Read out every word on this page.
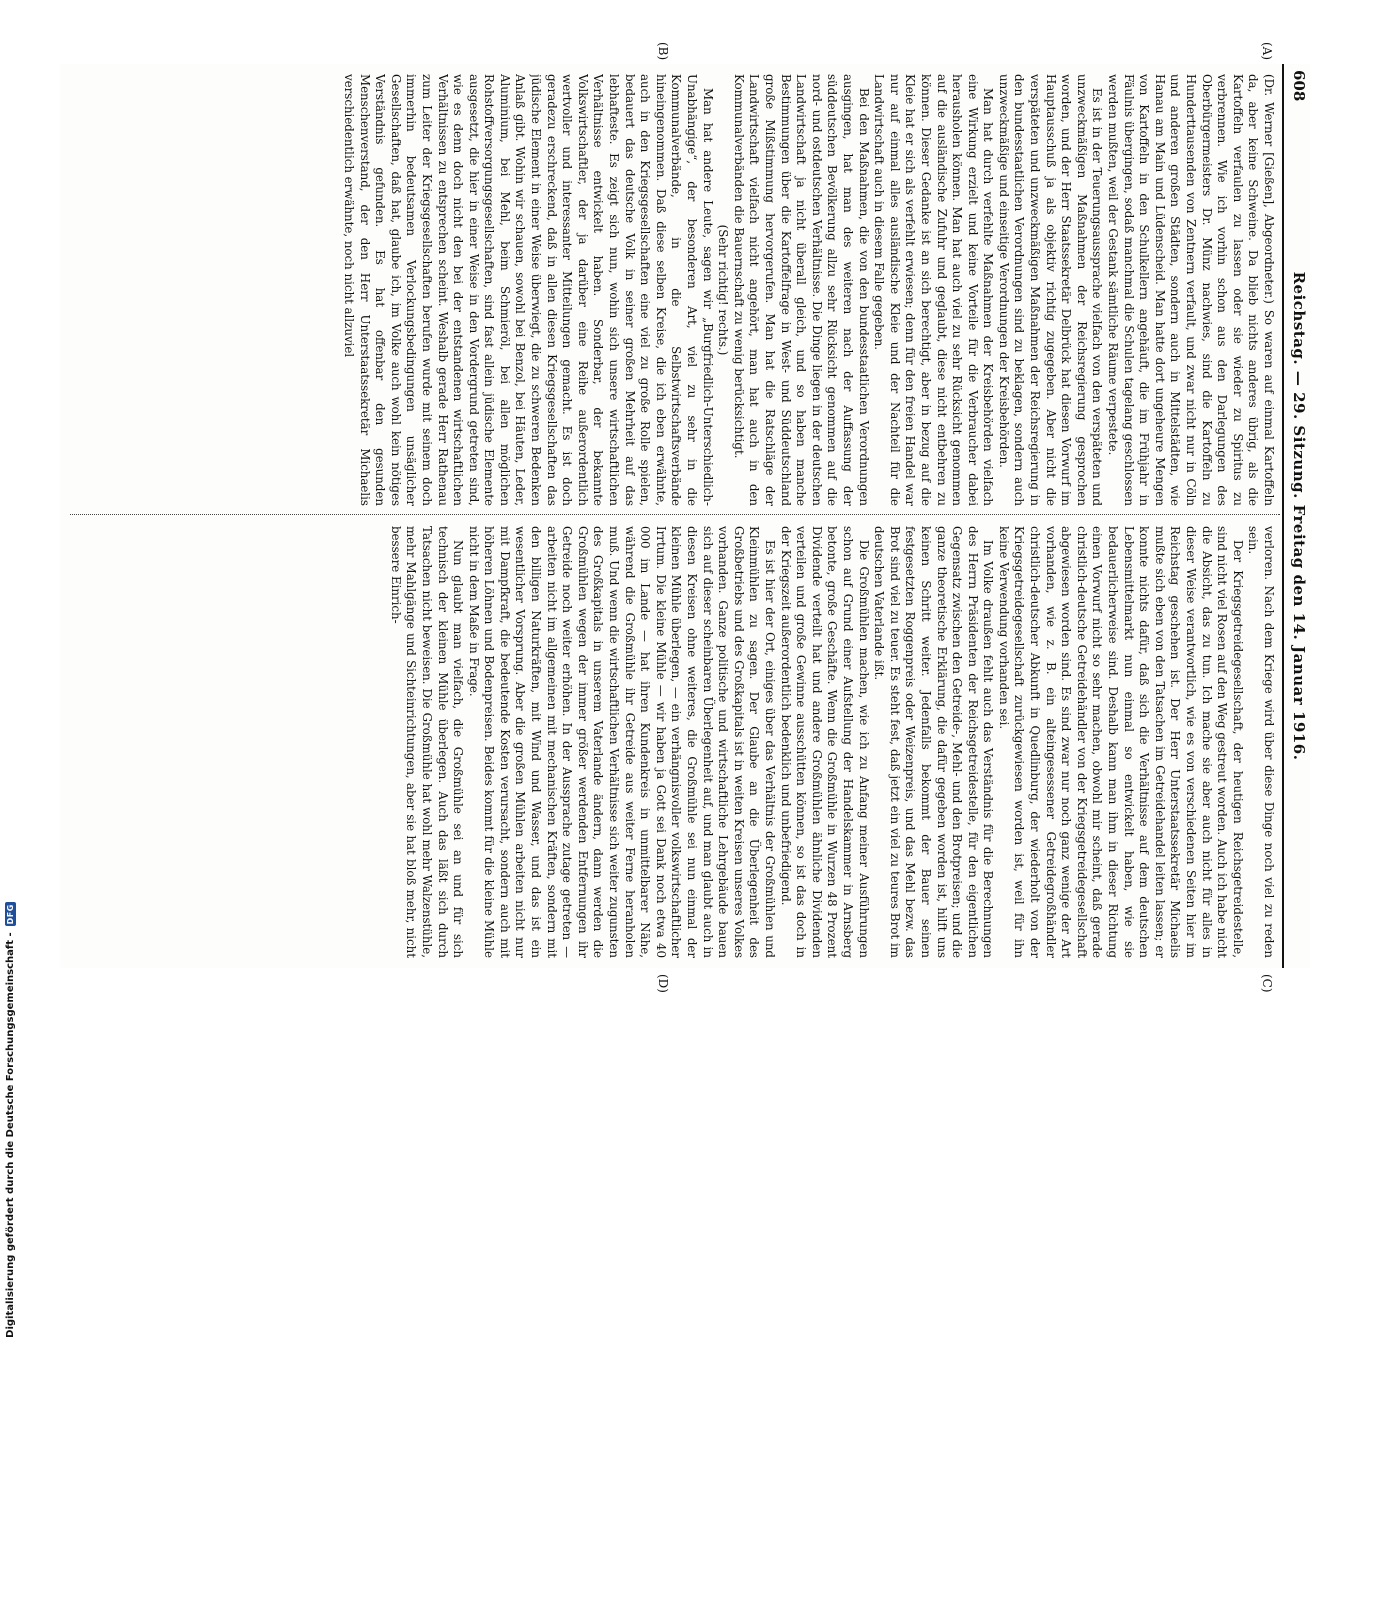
Digitalisierung gefördert durch die Deutsche Forschungsgemeinschaft -
DFG
608
Reichstag. — 29. Sitzung. Freitag den 14. Januar 1916.
(A)
(B)
(C)
(D)

(Dr. Werner [Gießen], Abgeordneter.) So waren auf einmal Kartoffeln da, aber keine Schweine. Da blieb nichts anderes übrig, als die Kartoffeln verfaulen zu lassen oder sie wieder zu Spiritus zu verbrennen. Wie ich vorhin schon aus den Darlegungen des Oberbürgermeisters Dr. Münz nachwies, sind die Kartoffeln zu Hunderttausenden von Zentnern verfault, und zwar nicht nur in Cöln und anderen großen Städten, sondern auch in Mittelstädten, wie Hanau am Main und Lüdenscheid. Man hatte dort ungeheure Mengen von Kartoffeln in den Schulkellern angehäuft, die im Frühjahr in Fäulnis übergingen, sodaß manchmal die Schulen tagelang geschlossen werden mußten, weil der Gestank sämtliche Räume verpestete.

Es ist in der Teuerungsaussprache vielfach von den verspäteten und unzweckmäßigen Maßnahmen der Reichsregierung gesprochen worden, und der Herr Staatssekretär Delbrück hat diesen Vorwurf im Hauptausschuß ja als objektiv richtig zugegeben. Aber nicht die verspäteten und unzweckmäßigen Maßnahmen der Reichsregierung in den bundesstaatlichen Verordnungen sind zu beklagen, sondern auch unzweckmäßige und einseitige Verordnungen der Kreisbehörden.

Man hat durch verfehlte Maßnahmen der Kreisbehörden vielfach eine Wirkung erzielt und keine Vorteile für die Verbraucher dabei herausholen können. Man hat auch viel zu sehr Rücksicht genommen auf die ausländische Zufuhr und geglaubt, diese nicht entbehren zu können. Dieser Gedanke ist an sich berechtigt, aber in bezug auf die Kleie hat er sich als verfehlt erwiesen; denn für den freien Handel war nur auf einmal alles ausländische Kleie und der Nachteil für die Landwirtschaft auch in diesem Falle gegeben.

Bei den Maßnahmen, die von den bundesstaatlichen Verordnungen ausgingen, hat man des weiteren nach der Auffassung der süddeutschen Bevölkerung allzu sehr Rücksicht genommen auf die nord- und ostdeutschen Verhältnisse. Die Dinge liegen in der deutschen Landwirtschaft ja nicht überall gleich, und so haben manche Bestimmungen über die Kartoffelfrage in West- und Süddeutschland große Mißstimmung hervorgerufen. Man hat die Ratschläge der Landwirtschaft vielfach nicht angehört, man hat auch in den Kommunalverbänden die Bauernschaft zu wenig berücksichtigt.

(Sehr richtig! rechts.)

Man hat andere Leute, sagen wir „Burgfriedlich-Unterschiedlich-Unabhängige“, der besonderen Art, viel zu sehr in die Kommunalverbände, in die Selbstwirtschaftsverbände hineingenommen. Daß diese selben Kreise, die ich eben erwähnte, auch in den Kriegsgesellschaften eine viel zu große Rolle spielen, bedauert das deutsche Volk in seiner großen Mehrheit auf das lebhafteste. Es zeigt sich nun, wohin sich unsere wirtschaftlichen Verhältnisse entwickelt haben. Sonderbar, der bekannte Volkswirtschaftler, der ja darüber eine Reihe außerordentlich wertvoller und interessanter Mitteilungen gemacht. Es ist doch geradezu erschreckend, daß in allen diesen Kriegsgesellschaften das jüdische Element in einer Weise überwiegt, die zu schweren Bedenken Anlaß gibt. Wohin wir schauen, sowohl bei Benzol, bei Häuten, Leder, Aluminium, bei Mehl, beim Schmieröl, bei allen möglichen Rohstoffversorgungsgesellschaften, sind fast allein jüdische Elemente ausgesetzt, die hier in einer Weise in den Vordergrund getreten sind, wie es denn doch nicht den bei der entstandenen wirtschaftlichen Verhältnissen zu entsprechen scheint. Weshalb gerade Herr Rathenau zum Leiter der Kriegsgesellschaften berufen wurde mit seinem doch immerhin bedeutsamen Verlockungsbedingungen unsäglicher Gesellschaften, daß hat, glaube ich, im Volke auch wohl kein nötiges Verständnis gefunden. Es hat offenbar den gesunden Menschenverstand, der den Herr Unterstaatssekretär Michaelis verschiedentlich erwähnte, noch nicht allzuviel

verloren. Nach dem Kriege wird über diese Dinge noch viel zu reden sein.

Der Kriegsgetreidegesellschaft, der heutigen Reichsgetreidestelle, sind nicht viel Rosen auf den Weg gestreut worden. Auch ich habe nicht die Absicht, das zu tun. Ich mache sie aber auch nicht für alles in dieser Weise verantwortlich, wie es von verschiedenen Seiten hier im Reichstag geschehen ist. Der Herr Unterstaatssekretär Michaelis mußte sich eben von den Tatsachen im Getreidehandel leiten lassen; er konnte nichts dafür, daß sich die Verhältnisse auf dem deutschen Lebensmittelmarkt nun einmal so entwickelt haben, wie sie bedauerlicherweise sind. Deshalb kann man ihm in dieser Richtung einen Vorwurf nicht so sehr machen, obwohl mir scheint, daß gerade christlich-deutsche Getreidehändler von der Kriegsgetreidegesellschaft abgewiesen worden sind. Es sind zwar nur noch ganz wenige der Art vorhanden, wie z. B. ein alteingesessener Getreidegroßhändler christlich-deutscher Abkunft in Quedlinburg, der wiederholt von der Kriegsgetreidegesellschaft zurückgewiesen worden ist, weil für ihn keine Verwendung vorhanden sei.

Im Volke draußen fehlt auch das Verständnis für die Berechnungen des Herrn Präsidenten der Reichsgetreidestelle, für den eigentlichen Gegensatz zwischen den Getreide-, Mehl- und den Brotpreisen; und die ganze theoretische Erklärung, die dafür gegeben worden ist, hilft uns keinen Schritt weiter. Jedenfalls bekommt der Bauer seinen festgesetzten Roggenpreis oder Weizenpreis, und das Mehl bezw. das Brot sind viel zu teuer. Es steht fest, daß jetzt ein viel zu teures Brot im deutschen Vaterlande ißt.

Die Großmühlen machen, wie ich zu Anfang meiner Ausführungen schon auf Grund einer Aufstellung der Handelskammer in Arnsberg betonte, große Geschäfte. Wenn die Großmühle in Wurzen 48 Prozent Dividende verteilt hat und andere Großmühlen ähnliche Dividenden verteilen und große Gewinne ausschütten können, so ist das doch in der Kriegszeit außerordentlich bedenklich und unbefriedigend.

Es ist hier der Ort, einiges über das Verhältnis der Großmühlen und Kleinmühlen zu sagen. Der Glaube an die Überlegenheit des Großbetriebs und des Großkapitals ist in weiten Kreisen unseres Volkes vorhanden. Ganze politische und wirtschaftliche Lehrgebäude bauen sich auf dieser scheinbaren Überlegenheit auf, und man glaubt auch in diesen Kreisen ohne weiteres, die Großmühle sei nun einmal der kleinen Mühle überlegen, — ein verhängnisvoller volkswirtschaftlicher Irrtum. Die kleine Mühle — wir haben ja Gott sei Dank noch etwa 40 000 im Lande — hat ihren Kundenkreis in unmittelbarer Nähe, während die Großmühle ihr Getreide aus weiter Ferne heranholen muß. Und wenn die wirtschaftlichen Verhältnisse sich weiter zugunsten des Großkapitals in unserem Vaterlande ändern, dann werden die Großmühlen wegen der immer größer werdenden Entfernungen ihr Getreide noch weiter erhöhen. In der Aussprache zutage getreten — arbeiten nicht im allgemeinen mit mechanischen Kräften, sondern mit den billigen Naturkräften, mit Wind und Wasser, und das ist ein wesentlicher Vorsprung. Aber die großen Mühlen arbeiten nicht nur mit Dampfkraft, die bedeutende Kosten verursacht, sondern auch mit höheren Löhnen und Bodenpreisen. Beides kommt für die kleine Mühle nicht in dem Maße in Frage.

Nun glaubt man vielfach, die Großmühle sei an und für sich technisch der kleinen Mühle überlegen. Auch das läßt sich durch Tatsachen nicht beweisen. Die Großmühle hat wohl mehr Walzenstühle, mehr Mahlgänge und Sichteinrichtungen, aber sie hat bloß mehr, nicht bessere Einrich-
